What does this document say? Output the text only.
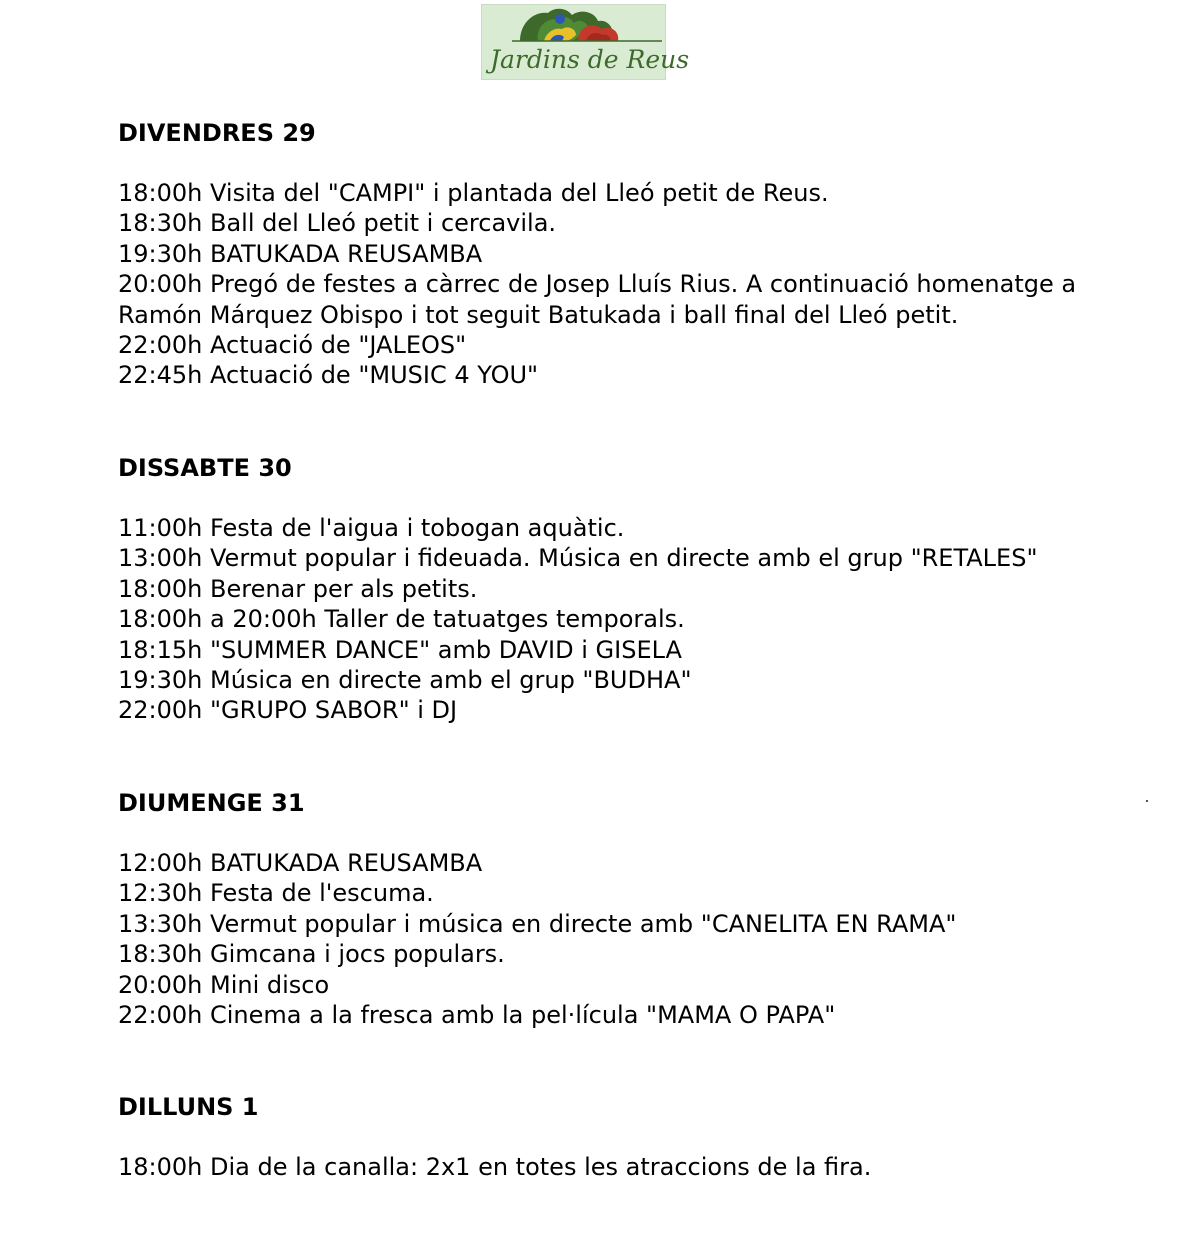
Jardins de Reus
DIVENDRES 29
18:00h Visita del "CAMPI" i plantada del Lleó petit de Reus.
18:30h Ball del Lleó petit i cercavila.
19:30h BATUKADA REUSAMBA
20:00h Pregó de festes a càrrec de Josep Lluís Rius. A continuació homenatge a Ramón Márquez Obispo i tot seguit Batukada i ball final del Lleó petit.
22:00h Actuació de "JALEOS"
22:45h Actuació de "MUSIC 4 YOU"
DISSABTE 30
11:00h Festa de l'aigua i tobogan aquàtic.
13:00h Vermut popular i fideuada. Música en directe amb el grup "RETALES"
18:00h Berenar per als petits.
18:00h a 20:00h Taller de tatuatges temporals.
18:15h "SUMMER DANCE" amb DAVID i GISELA
19:30h Música en directe amb el grup "BUDHA"
22:00h "GRUPO SABOR" i DJ
DIUMENGE 31
12:00h BATUKADA REUSAMBA
12:30h Festa de l'escuma.
13:30h Vermut popular i música en directe amb "CANELITA EN RAMA"
18:30h Gimcana i jocs populars.
20:00h Mini disco
22:00h Cinema a la fresca amb la pel·lícula "MAMA O PAPA"
DILLUNS 1
18:00h Dia de la canalla: 2x1 en totes les atraccions de la fira.
